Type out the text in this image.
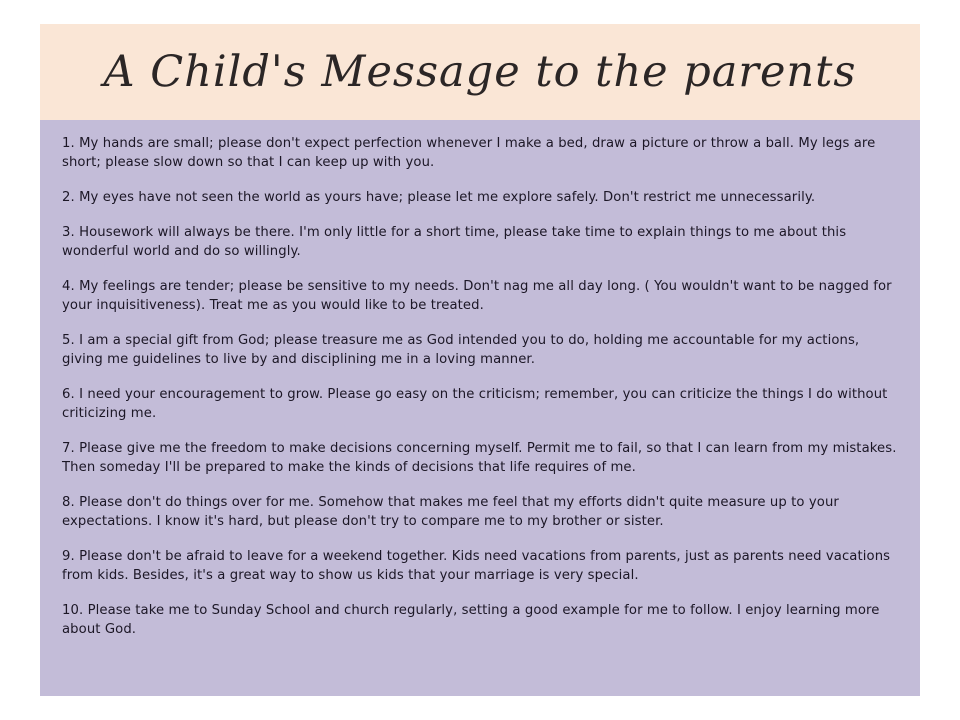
A Child's Message to the parents

1. My hands are small; please don't expect perfection whenever I make a bed, draw a picture or throw a ball. My legs are short; please slow down so that I can keep up with you.

2. My eyes have not seen the world as yours have; please let me explore safely. Don't restrict me unnecessarily.

3. Housework will always be there. I'm only little for a short time, please take time to explain things to me about this wonderful world and do so willingly.

4. My feelings are tender; please be sensitive to my needs. Don't nag me all day long. ( You wouldn't want to be nagged for your inquisitiveness). Treat me as you would like to be treated.

5. I am a special gift from God; please treasure me as God intended you to do, holding me accountable for my actions, giving me guidelines to live by and disciplining me in a loving manner.

6. I need your encouragement to grow. Please go easy on the criticism; remember, you can criticize the things I do without criticizing me.

7. Please give me the freedom to make decisions concerning myself. Permit me to fail, so that I can learn from my mistakes. Then someday I'll be prepared to make the kinds of decisions that life requires of me.

8. Please don't do things over for me. Somehow that makes me feel that my efforts didn't quite measure up to your expectations. I know it's hard, but please don't try to compare me to my brother or sister.

9. Please don't be afraid to leave for a weekend together. Kids need vacations from parents, just as parents need vacations from kids. Besides, it's a great way to show us kids that your marriage is very special.

10. Please take me to Sunday School and church regularly, setting a good example for me to follow. I enjoy learning more about God.
